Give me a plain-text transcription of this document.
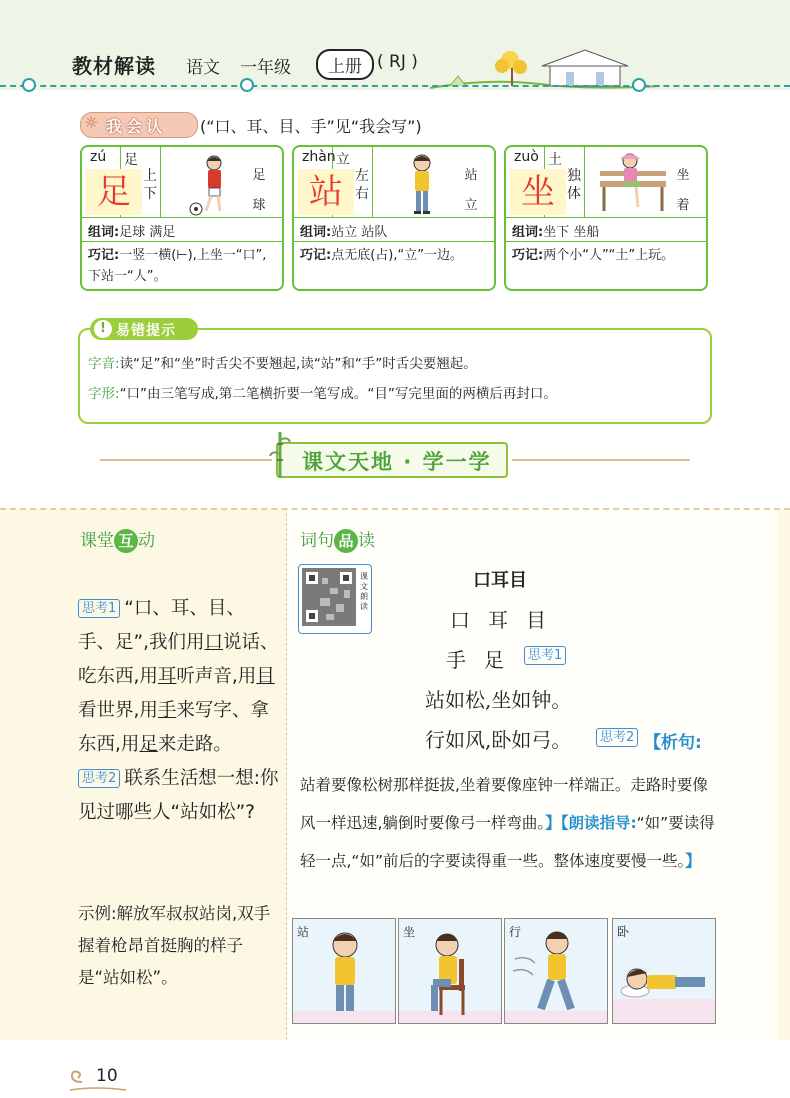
教材解读 语文 一年级	上册 ( RJ )
☼ 我会认 (“口、耳、目、手”见“我会写”)
zú 足
足 上下
足球
组词:足球 满足
巧记:一竖一横(⊢),上坐一“口”,下站一“人”。
zhàn 立
站 左右
站立
组词:站立 站队
巧记:点无底(占),“立”一边。
zuò 土
坐 独体
坐着
组词:坐下 坐船
巧记:两个小“人”“土”上玩。
! 易错提示
字音:读“足”和“坐”时舌尖不要翘起,读“站”和“手”时舌尖要翘起。
字形:“口”由三笔写成,第二笔横折要一笔写成。“目”写完里面的两横后再封口。
课文天地 · 学一学
课堂 互 动
思考1 “口、耳、目、手、足”,我们用口说话、吃东西,用耳听声音,用目看世界,用手来写字、拿东西,用足来走路。
思考2 联系生活想一想:你见过哪些人“站如松”?
示例:解放军叔叔站岗,双手握着枪昂首挺胸的样子是“站如松”。
词句 品 读
课文朗读
口耳目
口耳目
手足 思考1
站如松,坐如钟。
行如风,卧如弓。	思考2 【析句:
站着要像松树那样挺拔,坐着要像座钟一样端正。走路时要像风一样迅速,躺倒时要像弓一样弯曲。】【朗读指导:“如”要读得轻一点,“如”前后的字要读得重一些。整体速度要慢一些。】
站	坐	行	卧
10
